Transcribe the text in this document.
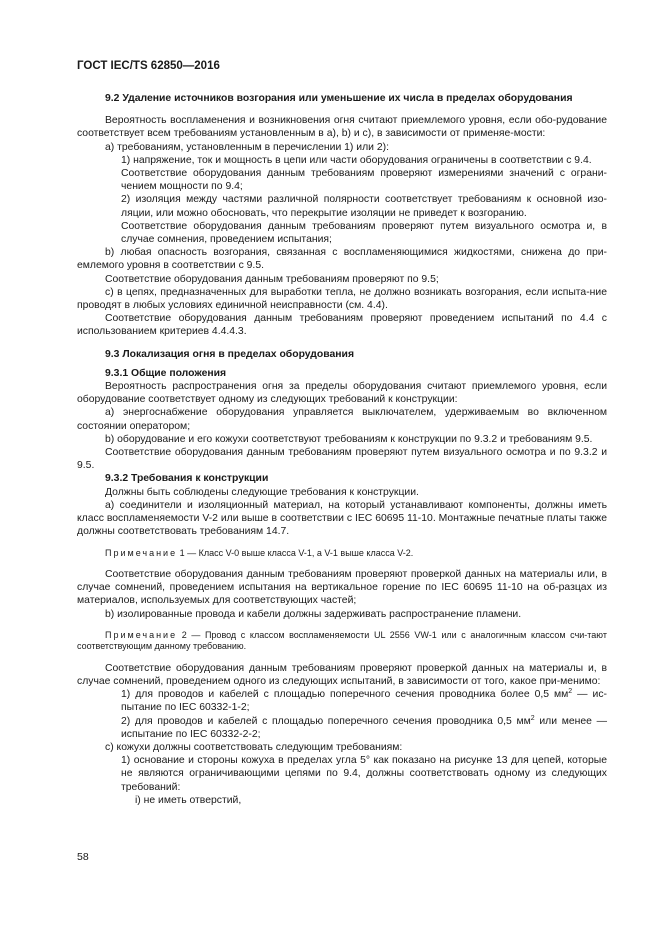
ГОСТ IEC/TS 62850—2016

9.2 Удаление источников возгорания или уменьшение их числа в пределах оборудования

Вероятность воспламенения и возникновения огня считают приемлемого уровня, если обо-рудование соответствует всем требованиям установленным в а), b) и с), в зависимости от применяе-мости:

а) требованиям, установленным в перечислении 1) или 2):

1) напряжение, ток и мощность в цепи или части оборудования ограничены в соответствии с 9.4.

Соответствие оборудования данным требованиям проверяют измерениями значений с ограни-чением мощности по 9.4;

2) изоляция между частями различной полярности соответствует требованиям к основной изо-ляции, или можно обосновать, что перекрытие изоляции не приведет к возгоранию.

Соответствие оборудования данным требованиям проверяют путем визуального осмотра и, в случае сомнения, проведением испытания;

b) любая опасность возгорания, связанная с воспламеняющимися жидкостями, снижена до при-емлемого уровня в соответствии с 9.5.

Соответствие оборудования данным требованиям проверяют по 9.5;

с) в цепях, предназначенных для выработки тепла, не должно возникать возгорания, если испыта-ние проводят в любых условиях единичной неисправности (см. 4.4).

Соответствие оборудования данным требованиям проверяют проведением испытаний по 4.4 с использованием критериев 4.4.4.3.

9.3 Локализация огня в пределах оборудования

9.3.1 Общие положения

Вероятность распространения огня за пределы оборудования считают приемлемого уровня, если оборудование соответствует одному из следующих требований к конструкции:

а) энергоснабжение оборудования управляется выключателем, удерживаемым во включенном состоянии оператором;

b) оборудование и его кожухи соответствуют требованиям к конструкции по 9.3.2 и требованиям 9.5.

Соответствие оборудования данным требованиям проверяют путем визуального осмотра и по 9.3.2 и 9.5.

9.3.2 Требования к конструкции

Должны быть соблюдены следующие требования к конструкции.

а) соединители и изоляционный материал, на который устанавливают компоненты, должны иметь класс воспламеняемости V-2 или выше в соответствии с IEC 60695 11-10. Монтажные печатные платы также должны соответствовать требованиям 14.7.

Примечание 1 — Класс V-0 выше класса V-1, а V-1 выше класса V-2.

Соответствие оборудования данным требованиям проверяют проверкой данных на материалы или, в случае сомнений, проведением испытания на вертикальное горение по IEC 60695 11-10 на об-разцах из материалов, используемых для соответствующих частей;

b) изолированные провода и кабели должны задерживать распространение пламени.

Примечание 2 — Провод с классом воспламеняемости UL 2556 VW-1 или с аналогичным классом счи-тают соответствующим данному требованию.

Соответствие оборудования данным требованиям проверяют проверкой данных на материалы и, в случае сомнений, проведением одного из следующих испытаний, в зависимости от того, какое при-менимо:

1) для проводов и кабелей с площадью поперечного сечения проводника более 0,5 $мм^2$ — ис-пытание по IEC 60332-1-2;

2) для проводов и кабелей с площадью поперечного сечения проводника 0,5 $мм^2$ или менее — испытание по IEC 60332-2-2;

с) кожухи должны соответствовать следующим требованиям:

1) основание и стороны кожуха в пределах угла 5° как показано на рисунке 13 для цепей, которые не являются ограничивающими цепями по 9.4, должны соответствовать одному из следующих требований:

i) не иметь отверстий,

58
